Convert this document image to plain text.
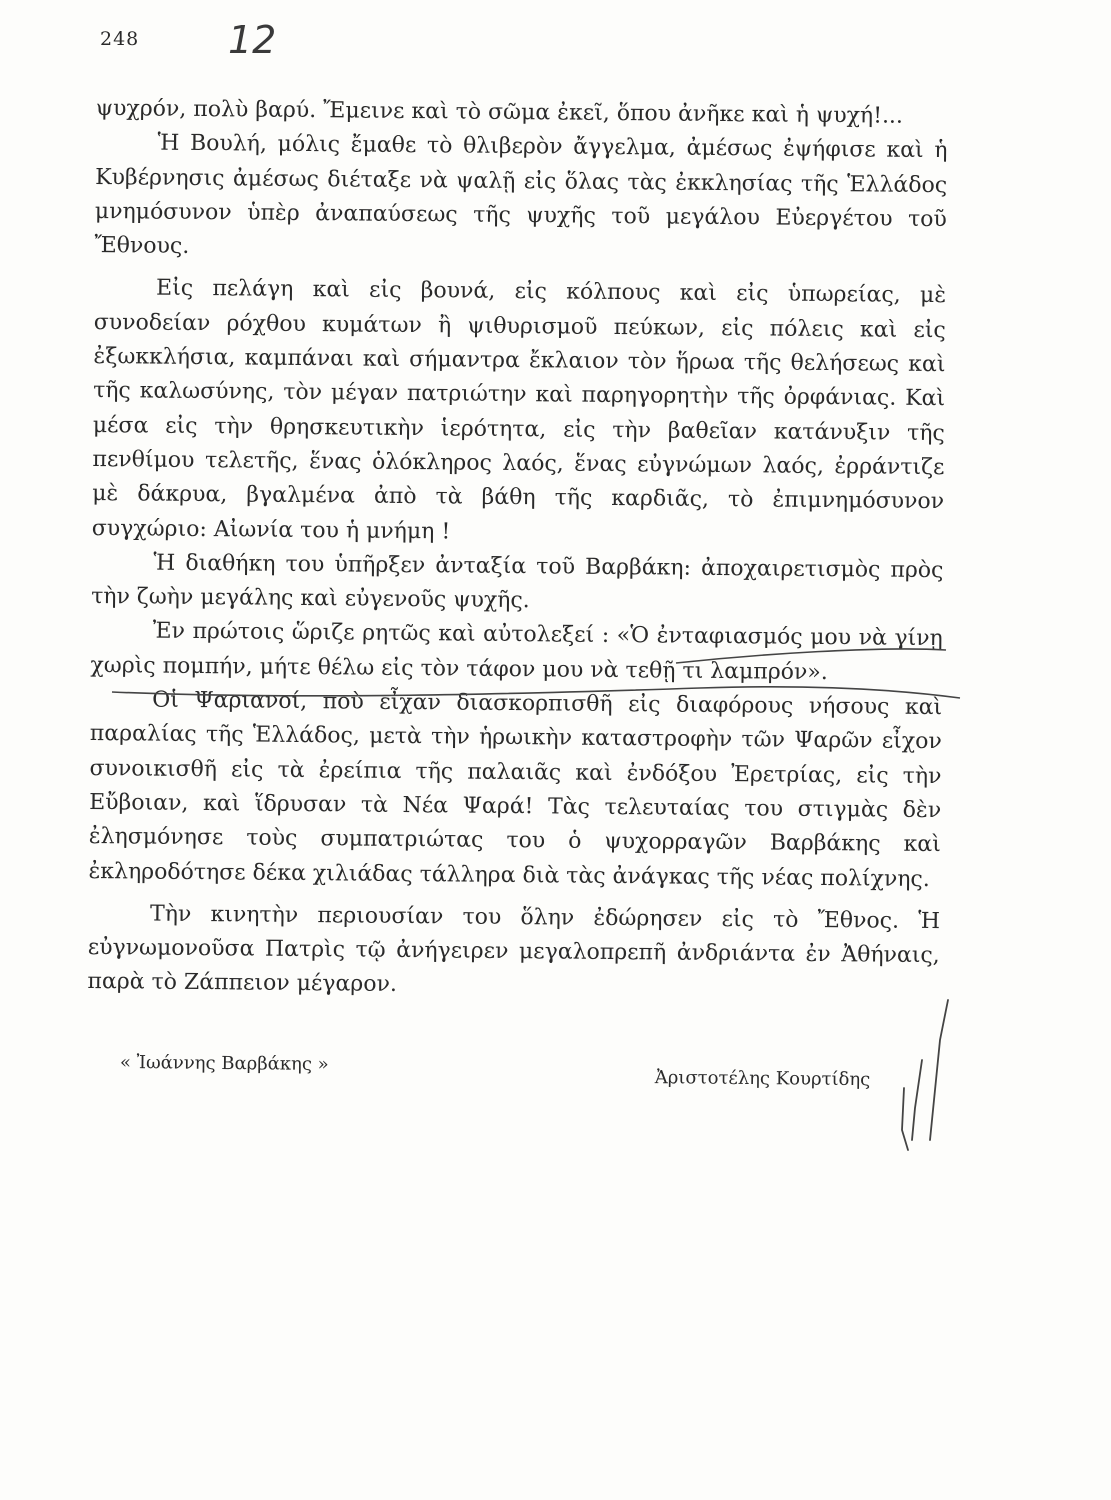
248 12

ψυχρόν, πολὺ βαρύ. Ἔμεινε καὶ τὸ σῶμα ἐκεῖ, ὅπου ἀνῆκε καὶ ἡ ψυχή!...

Ἡ Βουλή, μόλις ἔμαθε τὸ θλιβερὸν ἄγγελμα, ἀμέσως ἐψήφισε καὶ ἡ Κυβέρνησις ἀμέσως διέταξε νὰ ψαλῇ εἰς ὅλας τὰς ἐκκλησίας τῆς Ἑλλάδος μνημόσυνον ὑπὲρ ἀναπαύσεως τῆς ψυχῆς τοῦ μεγάλου Εὐεργέτου τοῦ Ἔθνους.

Εἰς πελάγη καὶ εἰς βουνά, εἰς κόλπους καὶ εἰς ὑπωρείας, μὲ συνοδείαν ρόχθου κυμάτων ἢ ψιθυρισμοῦ πεύκων, εἰς πόλεις καὶ εἰς ἐξωκκλήσια, καμπάναι καὶ σήμαντρα ἔκλαιον τὸν ἥρωα τῆς θελήσεως καὶ τῆς καλωσύνης, τὸν μέγαν πατριώτην καὶ παρηγορητὴν τῆς ὀρφάνιας. Καὶ μέσα εἰς τὴν θρησκευτικὴν ἱερότητα, εἰς τὴν βαθεῖαν κατάνυξιν τῆς πενθίμου τελετῆς, ἕνας ὁλόκληρος λαός, ἕνας εὐγνώμων λαός, ἐρράντιζε μὲ δάκρυα, βγαλμένα ἀπὸ τὰ βάθη τῆς καρδιᾶς, τὸ ἐπιμνημόσυνον συγχώριο: Αἰωνία του ἡ μνήμη !

Ἡ διαθήκη του ὑπῆρξεν ἀνταξία τοῦ Βαρβάκη: ἀποχαιρετισμὸς πρὸς τὴν ζωὴν μεγάλης καὶ εὐγενοῦς ψυχῆς.

Ἐν πρώτοις ὥριζε ρητῶς καὶ αὐτολεξεί : «Ὁ ἐνταφιασμός μου νὰ γίνῃ χωρὶς πομπήν, μήτε θέλω εἰς τὸν τάφον μου νὰ τεθῇ τι λαμπρόν».

Οἱ Ψαριανοί, ποὺ εἶχαν διασκορπισθῆ εἰς διαφόρους νήσους καὶ παραλίας τῆς Ἑλλάδος, μετὰ τὴν ἡρωικὴν καταστροφὴν τῶν Ψαρῶν εἶχον συνοικισθῆ εἰς τὰ ἐρείπια τῆς παλαιᾶς καὶ ἐνδόξου Ἐρετρίας, εἰς τὴν Εὔβοιαν, καὶ ἵδρυσαν τὰ Νέα Ψαρά! Τὰς τελευταίας του στιγμὰς δὲν ἐλησμόνησε τοὺς συμπατριώτας του ὁ ψυχορραγῶν Βαρβάκης καὶ ἐκληροδότησε δέκα χιλιάδας τάλληρα διὰ τὰς ἀνάγκας τῆς νέας πολίχνης.

Τὴν κινητὴν περιουσίαν του ὅλην ἐδώρησεν εἰς τὸ Ἔθνος. Ἡ εὐγνωμονοῦσα Πατρὶς τῷ ἀνήγειρεν μεγαλοπρεπῆ ἀνδριάντα ἐν Ἀθήναις, παρὰ τὸ Ζάππειον μέγαρον.

« Ἰωάννης Βαρβάκης »
Ἀριστοτέλης Κουρτίδης
